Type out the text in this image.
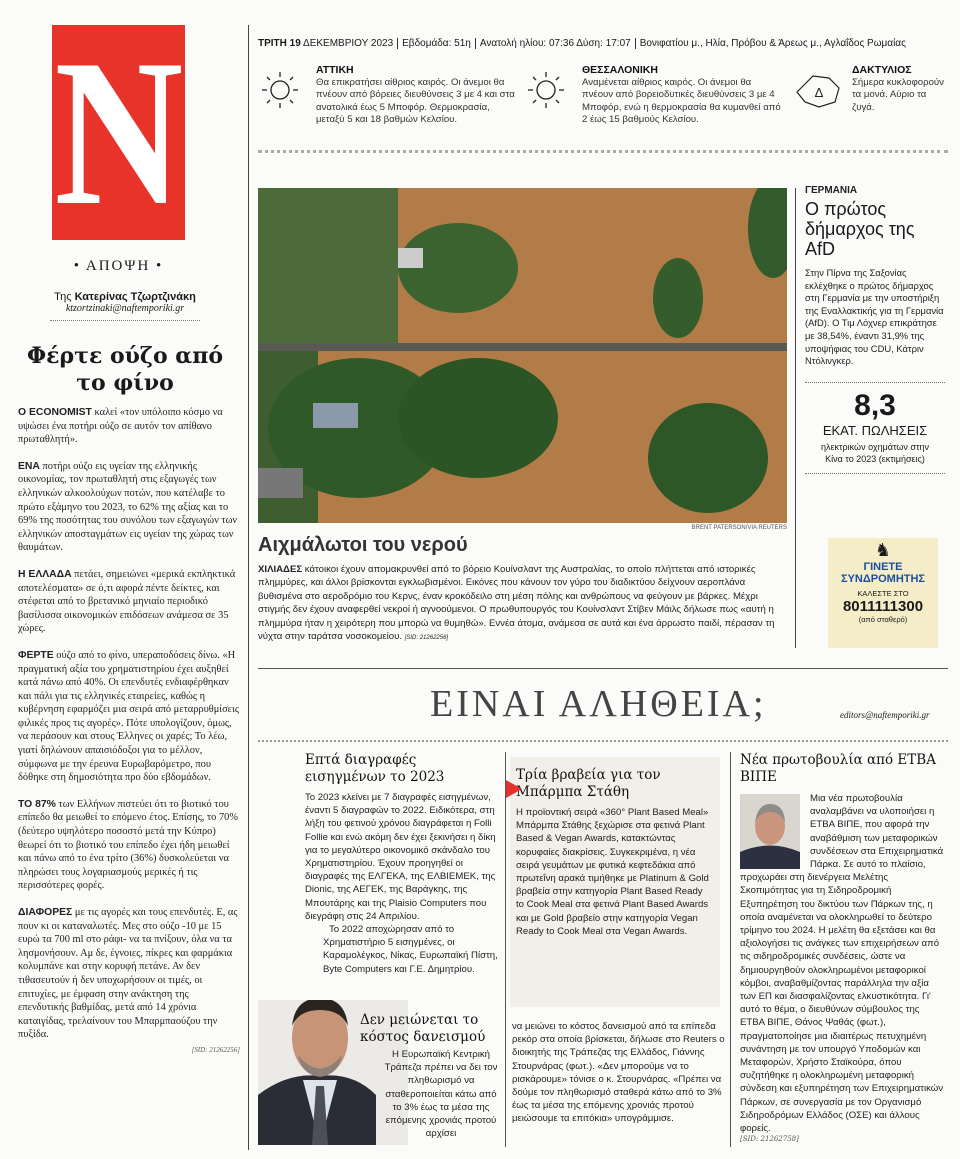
N
• ΑΠΟΨΗ •
Της Κατερίνας Τζωρτζινάκη
ktzortzinaki@naftemporiki.gr
Φέρτε ούζο από το φίνο

Ο ECONOMIST καλεί «τον υπόλοιπο κόσμο να υψώσει ένα ποτήρι ούζο σε αυτόν τον απίθανο πρωταθλητή».

ΕΝΑ ποτήρι ούζο εις υγείαν της ελληνικής οικονομίας, τον πρωταθλητή στις εξαγωγές των ελληνικών αλκοολούχων ποτών, που κατέλαβε το πρώτο εξάμηνο του 2023, το 62% της αξίας και το 69% της ποσότητας του συνόλου των εξαγωγών των ελληνικών αποσταγμάτων εις υγείαν της χώρας των θαυμάτων.

Η ΕΛΛΑΔΑ πετάει, σημειώνει «μερικά εκπληκτικά αποτελέσματα» σε ό,τι αφορά πέντε δείκτες, και στέφεται από το βρετανικό μηνιαίο περιοδικό βασίλισσα οικονομικών επιδόσεων ανάμεσα σε 35 χώρες.

ΦΕΡΤΕ ούζο από το φίνο, υπεραποδόσεις δίνω. «Η πραγματική αξία του χρηματιστηρίου έχει αυξηθεί κατά πάνω από 40%. Οι επενδυτές ενδιαφέρθηκαν και πάλι για τις ελληνικές εταιρείες, καθώς η κυβέρνηση εφαρμόζει μια σειρά από μεταρρυθμίσεις φιλικές προς τις αγορές». Πότε υπολογίζουν, όμως, να περάσουν και στους Έλληνες οι χαρές; Το λέω, γιατί δηλώνουν απαισιόδοξοι για το μέλλον, σύμφωνα με την έρευνα Ευρωβαρόμετρο, που δόθηκε στη δημοσιότητα προ δύο εβδομάδων.

ΤΟ 87% των Ελλήνων πιστεύει ότι το βιοτικό του επίπεδο θα μειωθεί το επόμενο έτος. Επίσης, το 70% (δεύτερο υψηλότερο ποσοστό μετά την Κύπρο) θεωρεί ότι το βιοτικό του επίπεδο έχει ήδη μειωθεί και πάνω από το ένα τρίτο (36%) δυσκολεύεται να πληρώσει τους λογαριασμούς μερικές ή τις περισσότερες φορές.

ΔΙΑΦΟΡΕΣ με τις αγορές και τους επενδυτές. Ε, ας πουν κι οι καταναλωτές. Μες στο ούζο -10 με 15 ευρώ τα 700 ml στο ράφι- να τα πνίξουν, όλα να τα λησμονήσουν. Αμ δε, έγνοιες, πίκρες και φαρμάκια κολυμπάνε και στην κορυφή πετάνε. Αν δεν τιθασευτούν ή δεν υποχωρήσουν οι τιμές, οι επιτυχίες, με έμφαση στην ανάκτηση της επενδυτικής βαθμίδας, μετά από 14 χρόνια καταιγίδας, τρελαίνουν του Μπαρμπαούζου την πυξίδα.

[SID: 21262256]
ΤΡΙΤΗ 19 ΔΕΚΕΜΒΡΙΟΥ 2023 Εβδομάδα: 51η Ανατολή ηλίου: 07:36 Δύση: 17:07 Βονιφατίου μ., Ηλία, Πρόβου & Άρεως μ., Αγλαΐδος Ρωμαίας
ΑΤΤΙΚΗ
Θα επικρατήσει αίθριος καιρός. Οι άνεμοι θα πνέουν από βόρειες διευθύνσεις 3 με 4 και στα ανατολικά έως 5 Μποφόρ. Θερμοκρασία, μεταξύ 5 και 18 βαθμών Κελσίου.
ΘΕΣΣΑΛΟΝΙΚΗ
Αναμένεται αίθριος καιρός. Οι άνεμοι θα πνέουν από βορειοδυτικές διευθύνσεις 3 με 4 Μποφόρ, ενώ η θερμοκρασία θα κυμανθεί από 2 έως 15 βαθμούς Κελσίου.
Δ
ΔΑΚΤΥΛΙΟΣ
Σήμερα κυκλοφορούν τα μονά. Αύριο τα ζυγά.
BRENT PATERSON/VIA REUTERS
Αιχμάλωτοι του νερού
ΧΙΛΙΑΔΕΣ κάτοικοι έχουν απομακρυνθεί από το βόρειο Κουίνσλαντ της Αυστραλίας, το οποίο πλήττεται από ιστορικές πλημμύρες, και άλλοι βρίσκονται εγκλωβισμένοι. Εικόνες που κάνουν τον γύρο του διαδικτύου δείχνουν αεροπλάνα βυθισμένα στο αεροδρόμιο του Κερνς, έναν κροκόδειλο στη μέση πόλης και ανθρώπους να φεύγουν με βάρκες. Μέχρι στιγμής δεν έχουν αναφερθεί νεκροί ή αγνοούμενοι. Ο πρωθυπουργός του Κουίνσλαντ Στίβεν Μάιλς δήλωσε πως «αυτή η πλημμύρα ήταν η χειρότερη που μπορώ να θυμηθώ». Εννέα άτομα, ανάμεσα σε αυτά και ένα άρρωστο παιδί, πέρασαν τη νύχτα στην ταράτσα νοσοκομείου. [SID: 21262256]
ΓΕΡΜΑΝΙΑ
Ο πρώτος δήμαρχος της AfD

Στην Πίρνα της Σαξονίας εκλέχθηκε ο πρώτος δήμαρχος στη Γερμανία με την υποστήριξη της Εναλλακτικής για τη Γερμανία (AfD). Ο Τιμ Λόχνερ επικράτησε με 38,54%, έναντι 31,9% της υποψήφιας του CDU, Κάτριν Ντόλινγκερ.

8,3
ΕΚΑΤ. ΠΩΛΗΣΕΙΣ
ηλεκτρικών οχημάτων στην Κίνα το 2023 (εκτιμήσεις)
♞
ΓΙΝΕΤΕ
ΣΥΝΔΡΟΜΗΤΗΣ
ΚΑΛΕΣΤΕ ΣΤΟ
8011111300
(από σταθερό)
ΕΙΝΑΙ ΑΛΗΘΕΙΑ;	editors@naftemporiki.gr
Επτά διαγραφές εισηγμένων το 2023

Το 2023 κλείνει με 7 διαγραφές εισηγμένων, έναντι 5 διαγραφών το 2022. Ειδικότερα, στη λήξη του φετινού χρόνου διαγράφεται η Folli Follie και ενώ ακόμη δεν έχει ξεκινήσει η δίκη για το μεγαλύτερο οικονομικό σκάνδαλο του Χρηματιστηρίου. Έχουν προηγηθεί οι διαγραφές της ΕΛΓΕΚΑ, της ΕΛΒΙΕΜΕΚ, της Dionic, της ΑΕΓΕΚ, της Βαράγκης, της Μπουτάρης και της Plaisio Computers που διεγράφη στις 24 Απριλίου.

Το 2022 αποχώρησαν από το Χρηματιστήριο 5 εισηγμένες, οι Καραμολέγκος, Νίκας, Ευρωπαϊκή Πίστη, Byte Computers και Γ.Ε. Δημητρίου.

Δεν μειώνεται το κόστος δανεισμού

Η Ευρωπαϊκή Κεντρική Τράπεζα πρέπει να δει τον πληθωρισμό να σταθεροποιείται κάτω από το 3% έως τα μέσα της επόμενης χρονιάς προτού αρχίσει

Τρία βραβεία για τον Μπάρμπα Στάθη

Η προϊοντική σειρά «360° Plant Based Meal» Μπάρμπα Στάθης ξεχώρισε στα φετινά Plant Based & Vegan Awards, κατακτώντας κορυφαίες διακρίσεις. Συγκεκριμένα, η νέα σειρά γευμάτων με φυτικά κεφτεδάκια από πρωτεΐνη αρακά τιμήθηκε με Platinum & Gold βραβεία στην κατηγορία Plant Based Ready to Cook Meal στα φετινά Plant Based Awards και με Gold βραβείο στην κατηγορία Vegan Ready to Cook Meal στα Vegan Awards.

να μειώνει το κόστος δανεισμού από τα επίπεδα ρεκόρ στα οποία βρίσκεται, δήλωσε στο Reuters ο διοικητής της Τράπεζας της Ελλάδος, Γιάννης Στουρνάρας (φωτ.). «Δεν μπορούμε να το ρισκάρουμε» τόνισε ο κ. Στουρνάρας. «Πρέπει να δούμε τον πληθωρισμό σταθερά κάτω από το 3% έως τα μέσα της επόμενης χρονιάς προτού μειώσουμε τα επιτόκια» υπογράμμισε.

Νέα πρωτοβουλία από ΕΤΒΑ ΒΙΠΕ

Μια νέα πρωτοβουλία αναλαμβάνει να υλοποιήσει η ΕΤΒΑ ΒΙΠΕ, που αφορά την αναβάθμιση των μεταφορικών συνδέσεων στα Επιχειρηματικά Πάρκα. Σε αυτό το πλαίσιο, προχωράει στη διενέργεια Μελέτης Σκοπιμότητας για τη Σιδηροδρομική Εξυπηρέτηση του δικτύου των Πάρκων της, η οποία αναμένεται να ολοκληρωθεί το δεύτερο τρίμηνο του 2024. Η μελέτη θα εξετάσει και θα αξιολογήσει τις ανάγκες των επιχειρήσεων από τις σιδηροδρομικές συνδέσεις, ώστε να δημιουργηθούν ολοκληρωμένοι μεταφορικοί κόμβοι, αναβαθμίζοντας παράλληλα την αξία των ΕΠ και διασφαλίζοντας ελκυστικότητα. Γι' αυτό το θέμα, ο διευθύνων σύμβουλος της ΕΤΒΑ ΒΙΠΕ, Θάνος Ψαθάς (φωτ.), πραγματοποίησε μια ιδιαιτέρως πετυχημένη συνάντηση με τον υπουργό Υποδομών και Μεταφορών, Χρήστο Σταϊκούρα, όπου συζητήθηκε η ολοκληρωμένη μεταφορική σύνδεση και εξυπηρέτηση των Επιχειρηματικών Πάρκων, σε συνεργασία με τον Οργανισμό Σιδηροδρόμων Ελλάδος (ΟΣΕ) και άλλους φορείς.

[SID: 21262758]
